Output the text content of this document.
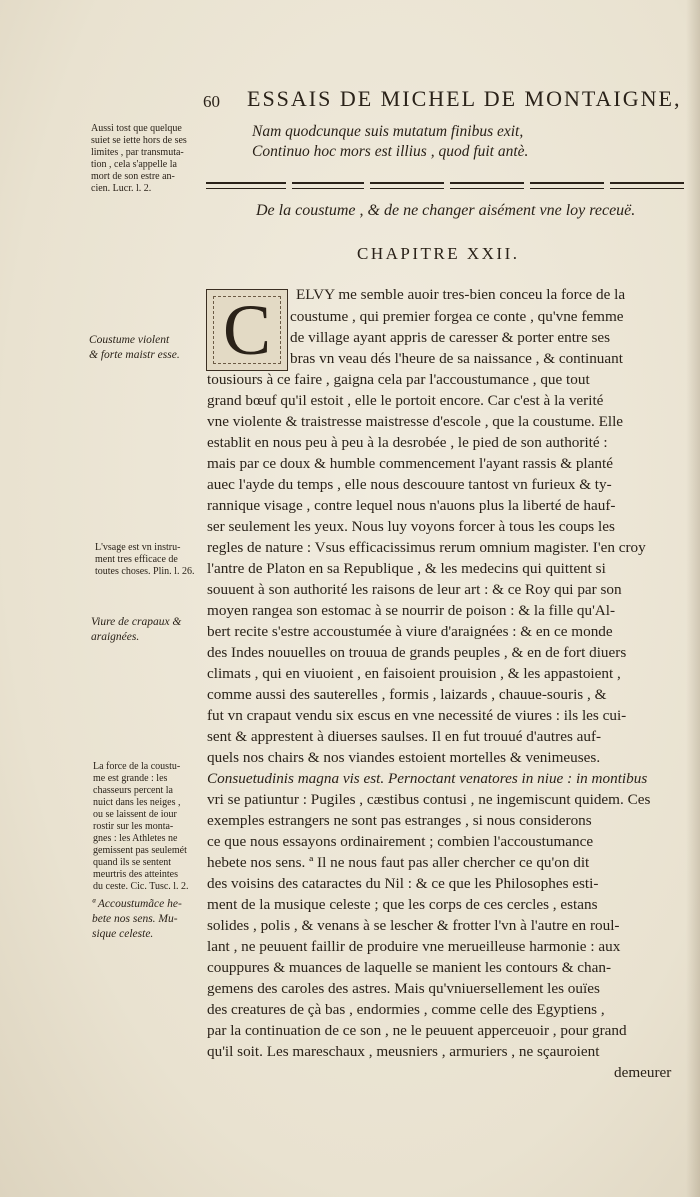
60 ESSAIS DE MICHEL DE MONTAIGNE,
Nam quodcunque suis mutatum finibus exit,
Continuo hoc mors est illius , quod fuit antè.
De la coustume , & de ne changer aisément vne loy receuë.
CHAPITRE XXII.
C	ELVY me semble auoir tres-bien conceu la force de la
coustume , qui premier forgea ce conte , qu'vne femme
de village ayant appris de caresser & porter entre ses
bras vn veau dés l'heure de sa naissance , & continuant
tousiours à ce faire , gaigna cela par l'accoustumance , que tout
grand bœuf qu'il estoit , elle le portoit encore. Car c'est à la verité
vne violente & traistresse maistresse d'escole , que la coustume. Elle
establit en nous peu à peu à la desrobée , le pied de son authorité :
mais par ce doux & humble commencement l'ayant rassis & planté
auec l'ayde du temps , elle nous descouure tantost vn furieux & ty-
rannique visage , contre lequel nous n'auons plus la liberté de hauf-
ser seulement les yeux. Nous luy voyons forcer à tous les coups les
regles de nature : Vsus efficacissimus rerum omnium magister. I'en croy
l'antre de Platon en sa Republique , & les medecins qui quittent si
souuent à son authorité les raisons de leur art : & ce Roy qui par son
moyen rangea son estomac à se nourrir de poison : & la fille qu'Al-
bert recite s'estre accoustumée à viure d'araignées : & en ce monde
des Indes nouuelles on trouua de grands peuples , & en de fort diuers
climats , qui en viuoient , en faisoient prouision , & les appastoient ,
comme aussi des sauterelles , formis , laizards , chauue-souris , &
fut vn crapaut vendu six escus en vne necessité de viures : ils les cui-
sent & apprestent à diuerses saulses. Il en fut trouué d'autres auf-
quels nos chairs & nos viandes estoient mortelles & venimeuses.
Consuetudinis magna vis est. Pernoctant venatores in niue : in montibus
vri se patiuntur : Pugiles , cæstibus contusi , ne ingemiscunt quidem. Ces
exemples estrangers ne sont pas estranges , si nous considerons
ce que nous essayons ordinairement ; combien l'accoustumance
hebete nos sens. ª Il ne nous faut pas aller chercher ce qu'on dit
des voisins des cataractes du Nil : & ce que les Philosophes esti-
ment de la musique celeste ; que les corps de ces cercles , estans
solides , polis , & venans à se lescher & frotter l'vn à l'autre en roul-
lant , ne peuuent faillir de produire vne merueilleuse harmonie : aux
couppures & muances de laquelle se manient les contours & chan-
gemens des caroles des astres. Mais qu'vniuersellement les ouïes
des creatures de çà bas , endormies , comme celle des Egyptiens ,
par la continuation de ce son , ne le peuuent apperceuoir , pour grand
qu'il soit. Les mareschaux , meusniers , armuriers , ne sçauroient
demeurer
Aussi tost que quelque
suiet se iette hors de ses
limites , par transmuta-
tion , cela s'appelle la
mort de son estre an-
cien. Lucr. l. 2.
Coustume violent
& forte maistr esse.
L'vsage est vn instru-
ment tres efficace de
toutes choses. Plin. l. 26.
Viure de crapaux &
araignées.
La force de la coustu-
me est grande : les
chasseurs percent la
nuict dans les neiges ,
ou se laissent de iour
rostir sur les monta-
gnes : les Athletes ne
gemissent pas seulemét
quand ils se sentent
meurtris des atteintes
du ceste. Cic. Tusc. l. 2.
ª Accoustumãce he-
bete nos sens. Mu-
sique celeste.
